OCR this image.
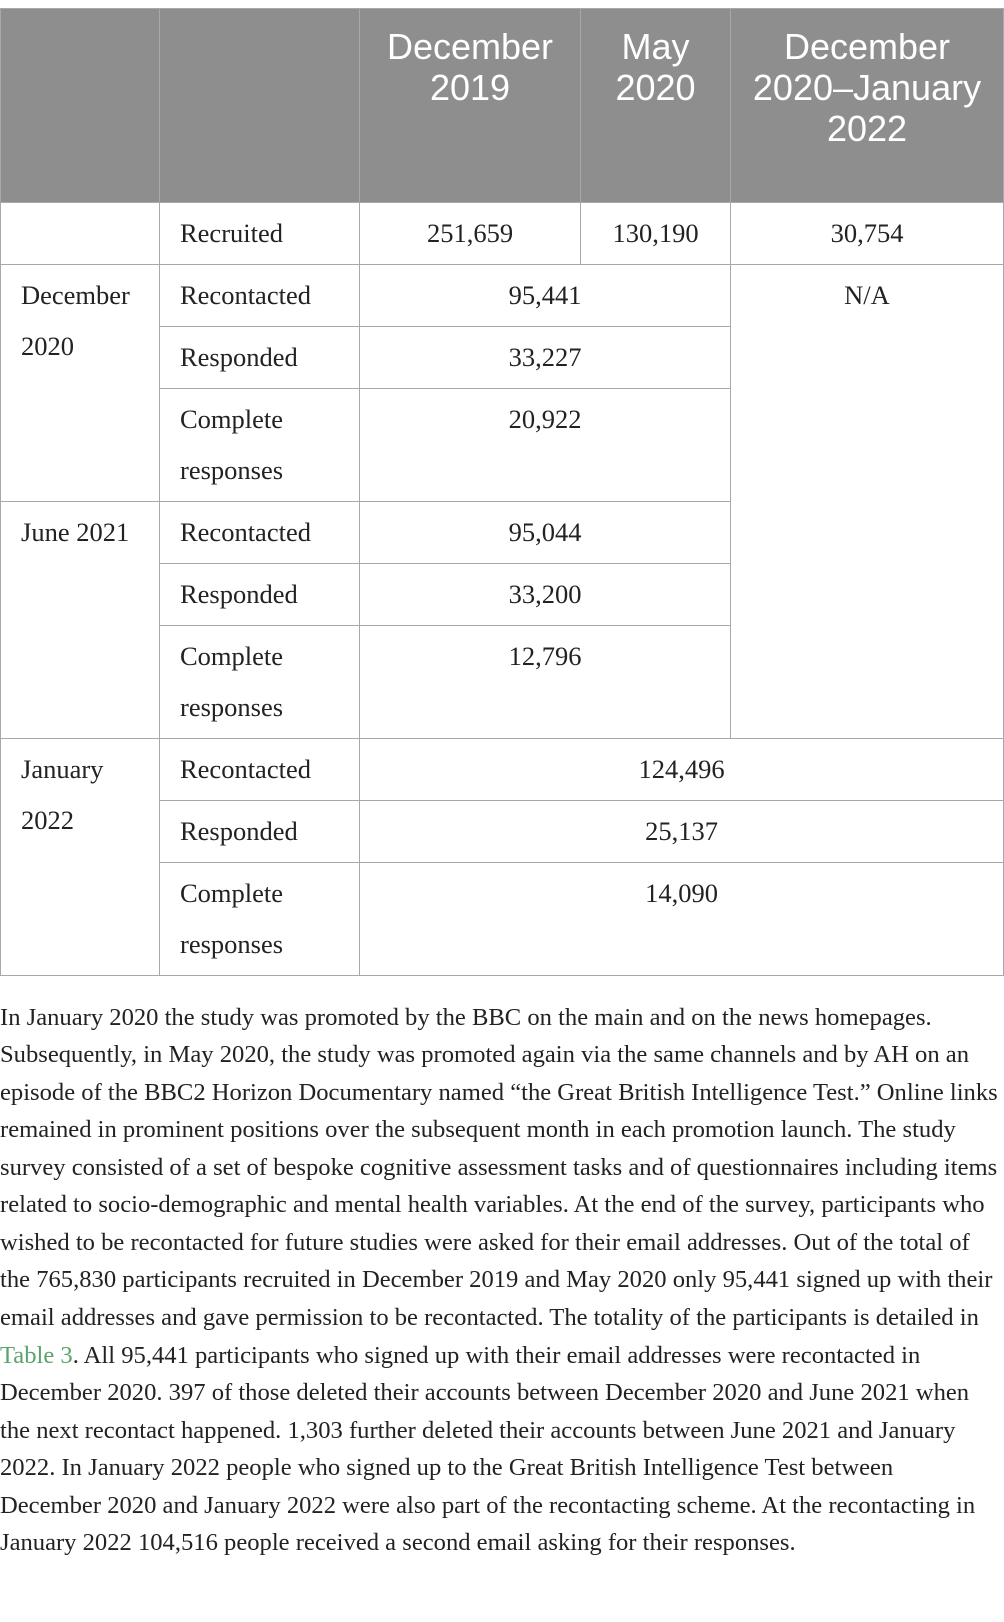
		December 2019	May 2020	December 2020–January 2022
	Recruited	251,659	130,190	30,754
December 2020	Recontacted	95,441		N/A
	Responded	33,227		
	Complete responses	20,922		
June 2021	Recontacted	95,044		
	Responded	33,200		
	Complete responses	12,796		
January 2022	Recontacted	124,496		
	Responded	25,137		
	Complete responses	14,090		

In January 2020 the study was promoted by the BBC on the main and on the news homepages. Subsequently, in May 2020, the study was promoted again via the same channels and by AH on an episode of the BBC2 Horizon Documentary named “the Great British Intelligence Test.” Online links remained in prominent positions over the subsequent month in each promotion launch. The study survey consisted of a set of bespoke cognitive assessment tasks and of questionnaires including items related to socio-demographic and mental health variables. At the end of the survey, participants who wished to be recontacted for future studies were asked for their email addresses. Out of the total of the 765,830 participants recruited in December 2019 and May 2020 only 95,441 signed up with their email addresses and gave permission to be recontacted. The totality of the participants is detailed in Table 3. All 95,441 participants who signed up with their email addresses were recontacted in December 2020. 397 of those deleted their accounts between December 2020 and June 2021 when the next recontact happened. 1,303 further deleted their accounts between June 2021 and January 2022. In January 2022 people who signed up to the Great British Intelligence Test between December 2020 and January 2022 were also part of the recontacting scheme. At the recontacting in January 2022 104,516 people received a second email asking for their responses.
